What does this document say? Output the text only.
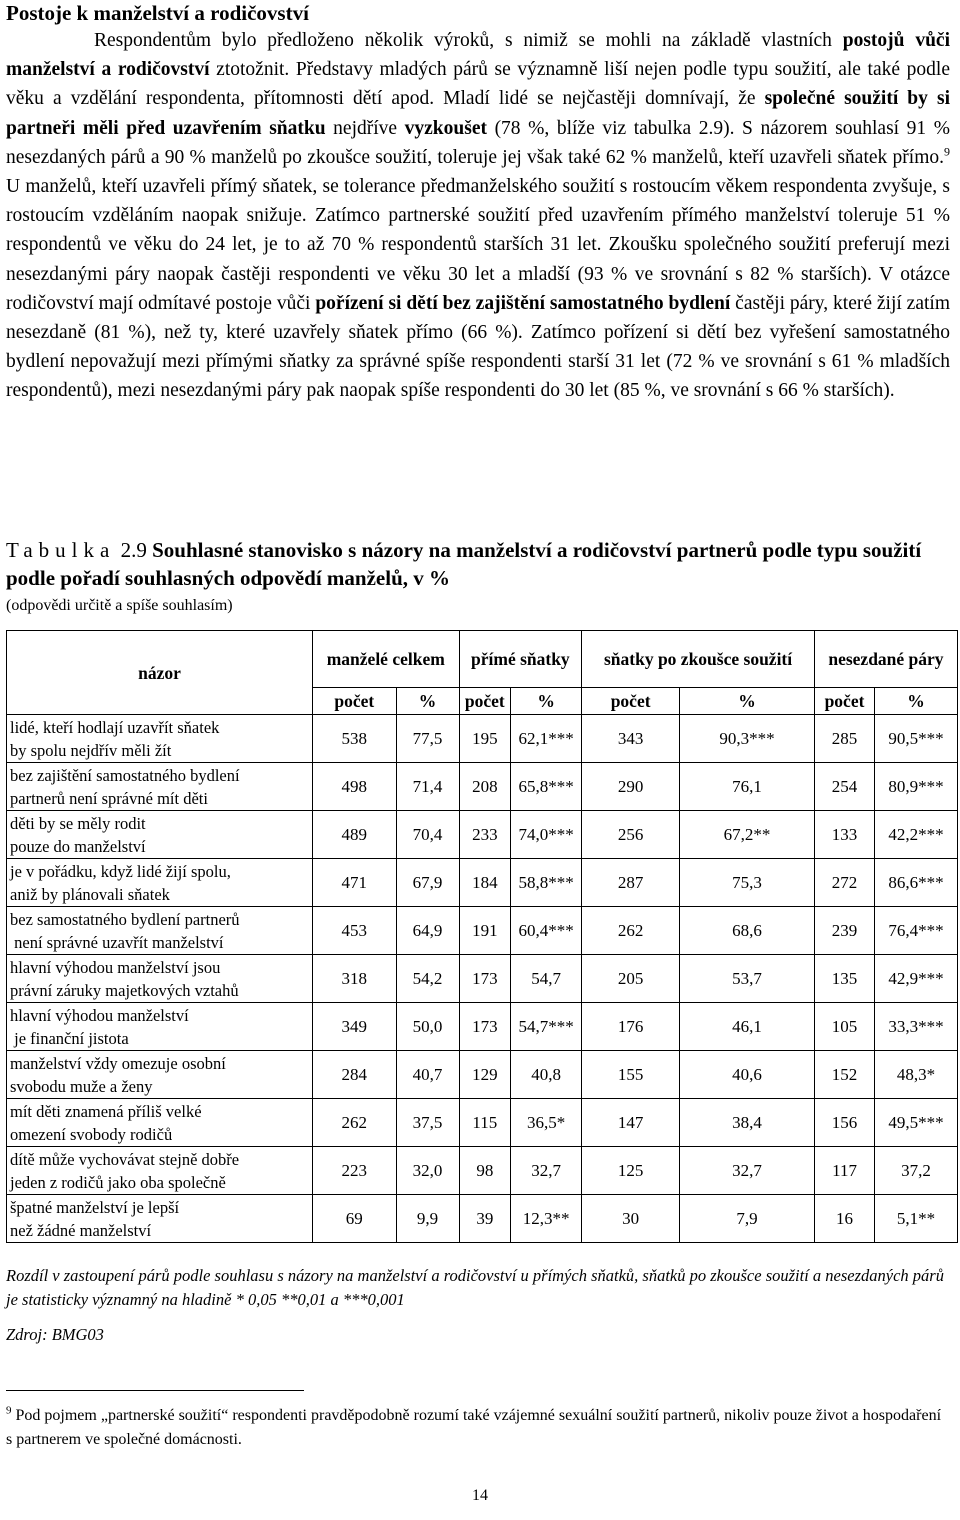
Postoje k manželství a rodičovství

Respondentům bylo předloženo několik výroků, s nimiž se mohli na základě vlastních postojů vůči manželství a rodičovství ztotožnit. Představy mladých párů se významně liší nejen podle typu soužití, ale také podle věku a vzdělání respondenta, přítomnosti dětí apod. Mladí lidé se nejčastěji domnívají, že společné soužití by si partneři měli před uzavřením sňatku nejdříve vyzkoušet (78 %, blíže viz tabulka 2.9). S názorem souhlasí 91 % nesezdaných párů a 90 % manželů po zkoušce soužití, toleruje jej však také 62 % manželů, kteří uzavřeli sňatek přímo.$^9$ U manželů, kteří uzavřeli přímý sňatek, se tolerance předmanželského soužití s rostoucím věkem respondenta zvyšuje, s rostoucím vzděláním naopak snižuje. Zatímco partnerské soužití před uzavřením přímého manželství toleruje 51 % respondentů ve věku do 24 let, je to až 70 % respondentů starších 31 let. Zkoušku společného soužití preferují mezi nesezdanými páry naopak častěji respondenti ve věku 30 let a mladší (93 % ve srovnání s 82 % starších). V otázce rodičovství mají odmítavé postoje vůči pořízení si dětí bez zajištění samostatného bydlení častěji páry, které žijí zatím nesezdaně (81 %), než ty, které uzavřely sňatek přímo (66 %). Zatímco pořízení si dětí bez vyřešení samostatného bydlení nepovažují mezi přímými sňatky za správné spíše respondenti starší 31 let (72 % ve srovnání s 61 % mladších respondentů), mezi nesezdanými páry pak naopak spíše respondenti do 30 let (85 %, ve srovnání s 66 % starších).

Tabulka 2.9 Souhlasné stanovisko s názory na manželství a rodičovství partnerů podle typu soužití podle pořadí souhlasných odpovědí manželů, v %

(odpovědi určitě a spíše souhlasím)

názor	manželé celkem		přímé sňatky		sňatky po zkoušce soužití		nesezdané páry	
	počet	%	počet	%	počet	%	počet	%
lidé, kteří hodlají uzavřít sňatek
by spolu nejdřív měli žít	538	77,5	195	62,1***	343	90,3***	285	90,5***
bez zajištění samostatného bydlení
partnerů není správné mít děti	498	71,4	208	65,8***	290	76,1	254	80,9***
děti by se měly rodit
pouze do manželství	489	70,4	233	74,0***	256	67,2**	133	42,2***
je v pořádku, když lidé žijí spolu,
aniž by plánovali sňatek	471	67,9	184	58,8***	287	75,3	272	86,6***
bez samostatného bydlení partnerů
není správné uzavřít manželství	453	64,9	191	60,4***	262	68,6	239	76,4***
hlavní výhodou manželství jsou
právní záruky majetkových vztahů	318	54,2	173	54,7	205	53,7	135	42,9***
hlavní výhodou manželství
je finanční jistota	349	50,0	173	54,7***	176	46,1	105	33,3***
manželství vždy omezuje osobní
svobodu muže a ženy	284	40,7	129	40,8	155	40,6	152	48,3*
mít děti znamená příliš velké
omezení svobody rodičů	262	37,5	115	36,5*	147	38,4	156	49,5***
dítě může vychovávat stejně dobře
jeden z rodičů jako oba společně	223	32,0	98	32,7	125	32,7	117	37,2
špatné manželství je lepší
než žádné manželství	69	9,9	39	12,3**	30	7,9	16	5,1**

Rozdíl v zastoupení párů podle souhlasu s názory na manželství a rodičovství u přímých sňatků, sňatků po zkoušce soužití a nesezdaných párů je statisticky významný na hladině * 0,05 **0,01 a ***0,001

Zdroj: BMG03

$^9$ Pod pojmem „partnerské soužití“ respondenti pravděpodobně rozumí také vzájemné sexuální soužití partnerů, nikoliv pouze život a hospodaření s partnerem ve společné domácnosti.

14
